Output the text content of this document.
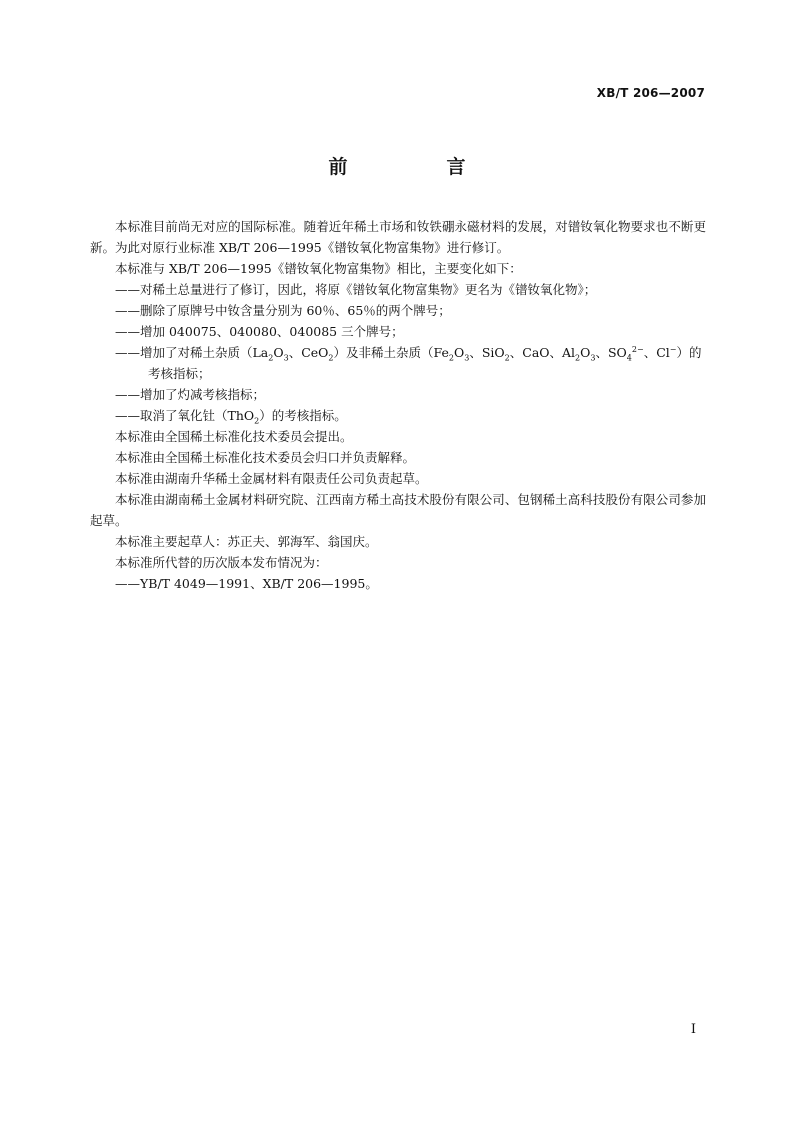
XB/T 206—2007
前　言

本标准目前尚无对应的国际标准。随着近年稀土市场和钕铁硼永磁材料的发展，对镨钕氧化物要求也不断更新。为此对原行业标准 XB/T 206—1995《镨钕氧化物富集物》进行修订。

本标准与 XB/T 206—1995《镨钕氧化物富集物》相比，主要变化如下：

——对稀土总量进行了修订，因此，将原《镨钕氧化物富集物》更名为《镨钕氧化物》；

——删除了原牌号中钕含量分别为 60％、65％的两个牌号；

——增加 040075、040080、040085 三个牌号；

——增加了对稀土杂质（$La_2O_3$、CeO$_2$）及非稀土杂质（$Fe_2O_3$、SiO$_2$、CaO、$Al_2O_3$、$SO_4^{2-}$、Cl−）的考核指标；

——增加了灼减考核指标；

——取消了氧化钍（ThO$_2$）的考核指标。

本标准由全国稀土标准化技术委员会提出。

本标准由全国稀土标准化技术委员会归口并负责解释。

本标准由湖南升华稀土金属材料有限责任公司负责起草。

本标准由湖南稀土金属材料研究院、江西南方稀土高技术股份有限公司、包钢稀土高科技股份有限公司参加起草。

本标准主要起草人：苏正夫、郭海军、翁国庆。

本标准所代替的历次版本发布情况为：

——YB/T 4049—1991、XB/T 206—1995。

I
